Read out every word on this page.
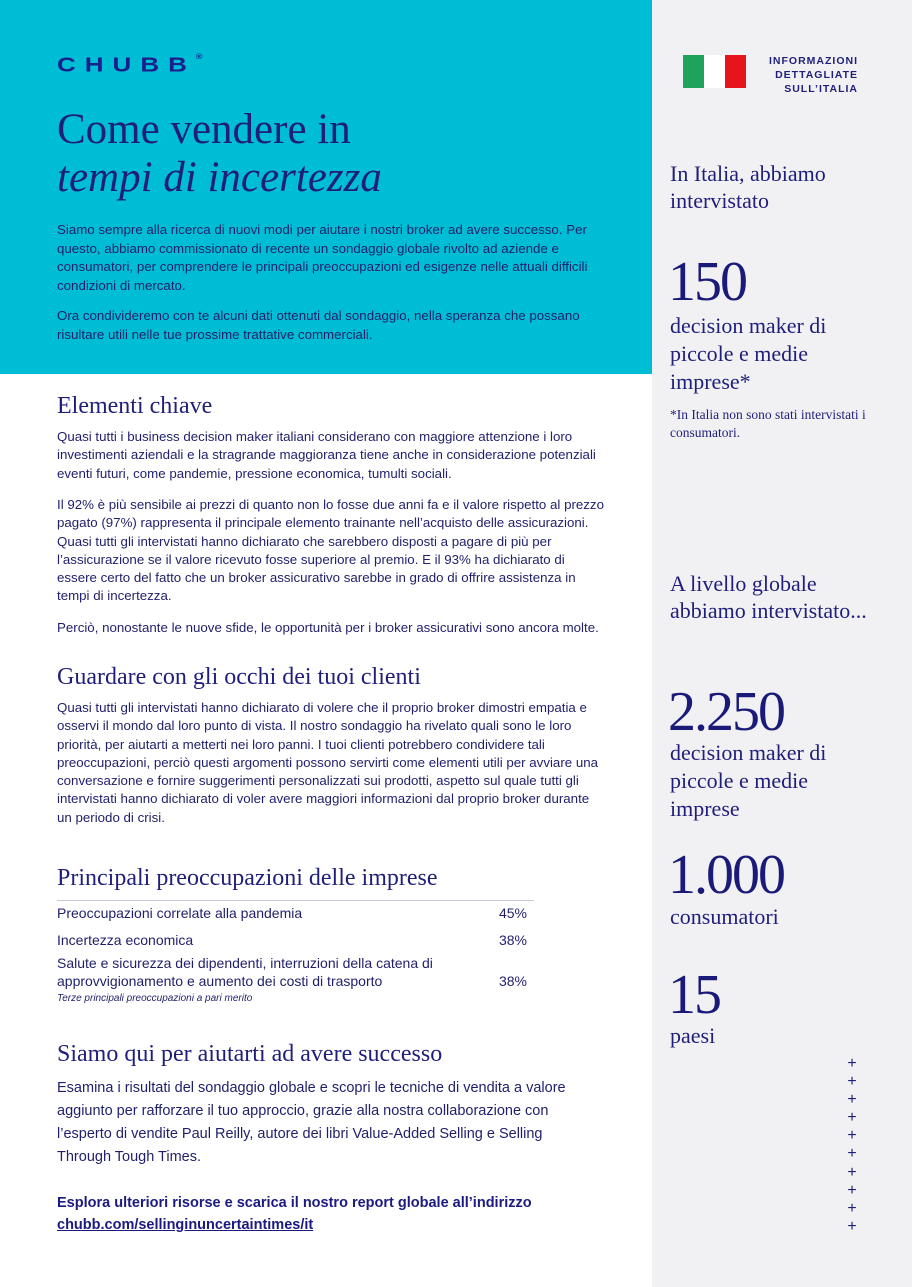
CHUBB®
Come vendere in
tempi di incertezza

Siamo sempre alla ricerca di nuovi modi per aiutare i nostri broker ad avere successo. Per questo, abbiamo commissionato di recente un sondaggio globale rivolto ad aziende e consumatori, per comprendere le principali preoccupazioni ed esigenze nelle attuali difficili condizioni di mercato.

Ora condivideremo con te alcuni dati ottenuti dal sondaggio, nella speranza che possano risultare utili nelle tue prossime trattative commerciali.

Elementi chiave

Quasi tutti i business decision maker italiani considerano con maggiore attenzione i loro investimenti aziendali e la stragrande maggioranza tiene anche in considerazione potenziali eventi futuri, come pandemie, pressione economica, tumulti sociali.

Il 92% è più sensibile ai prezzi di quanto non lo fosse due anni fa e il valore rispetto al prezzo pagato (97%) rappresenta il principale elemento trainante nell’acquisto delle assicurazioni. Quasi tutti gli intervistati hanno dichiarato che sarebbero disposti a pagare di più per l’assicurazione se il valore ricevuto fosse superiore al premio. E il 93% ha dichiarato di essere certo del fatto che un broker assicurativo sarebbe in grado di offrire assistenza in tempi di incertezza.

Perciò, nonostante le nuove sfide, le opportunità per i broker assicurativi sono ancora molte.

Guardare con gli occhi dei tuoi clienti

Quasi tutti gli intervistati hanno dichiarato di volere che il proprio broker dimostri empatia e osservi il mondo dal loro punto di vista. Il nostro sondaggio ha rivelato quali sono le loro priorità, per aiutarti a metterti nei loro panni. I tuoi clienti potrebbero condividere tali preoccupazioni, perciò questi argomenti possono servirti come elementi utili per avviare una conversazione e fornire suggerimenti personalizzati sui prodotti, aspetto sul quale tutti gli intervistati hanno dichiarato di voler avere maggiori informazioni dal proprio broker durante un periodo di crisi.

Principali preoccupazioni delle imprese
Preoccupazioni correlate alla pandemia	45%
Incertezza economica	38%
Salute e sicurezza dei dipendenti, interruzioni della catena di approvvigionamento e aumento dei costi di trasporto	38%
Terze principali preoccupazioni a pari merito
Siamo qui per aiutarti ad avere successo

Esamina i risultati del sondaggio globale e scopri le tecniche di vendita a valore aggiunto per rafforzare il tuo approccio, grazie alla nostra collaborazione con l’esperto di vendite Paul Reilly, autore dei libri Value-Added Selling e Selling Through Tough Times.

Esplora ulteriori risorse e scarica il nostro report globale all’indirizzo
chubb.com/sellinginuncertaintimes/it

INFORMAZIONI DETTAGLIATE SULL’ITALIA

In Italia, abbiamo intervistato

150

decision maker di piccole e medie imprese*

*In Italia non sono stati intervistati i consumatori.

A livello globale abbiamo intervistato...

2.250

decision maker di piccole e medie imprese

1.000

consumatori

15

paesi

+
+
+
+
+
+
+
+
+
+
